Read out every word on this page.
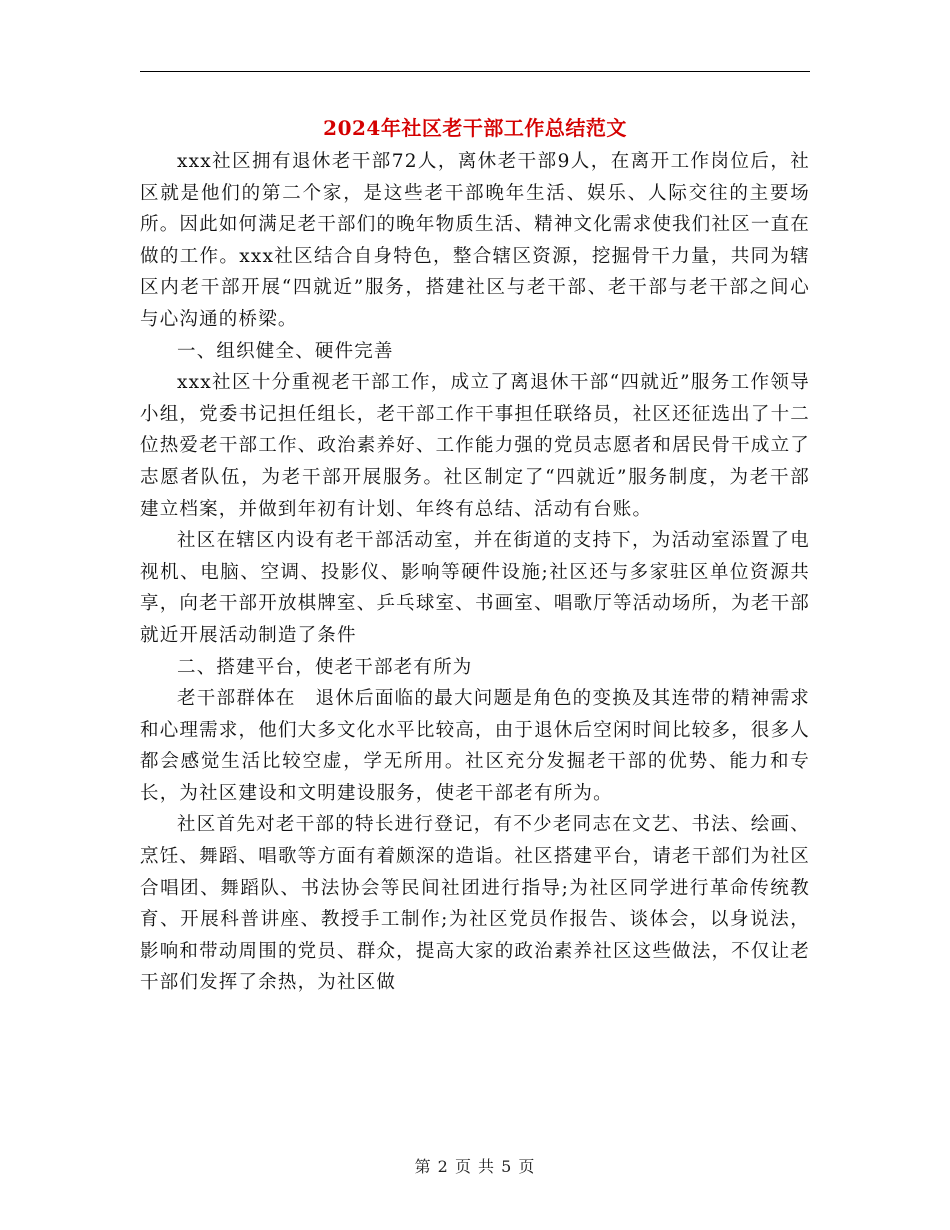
2024年社区老干部工作总结范文

xxx社区拥有退休老干部72人，离休老干部9人，在离开工作岗位后，社区就是他们的第二个家，是这些老干部晚年生活、娱乐、人际交往的主要场所。因此如何满足老干部们的晚年物质生活、精神文化需求使我们社区一直在做的工作。xxx社区结合自身特色，整合辖区资源，挖掘骨干力量，共同为辖区内老干部开展“四就近”服务，搭建社区与老干部、老干部与老干部之间心与心沟通的桥梁。

一、组织健全、硬件完善

xxx社区十分重视老干部工作，成立了离退休干部“四就近”服务工作领导小组，党委书记担任组长，老干部工作干事担任联络员，社区还征选出了十二位热爱老干部工作、政治素养好、工作能力强的党员志愿者和居民骨干成立了志愿者队伍，为老干部开展服务。社区制定了“四就近”服务制度，为老干部建立档案，并做到年初有计划、年终有总结、活动有台账。

社区在辖区内设有老干部活动室，并在街道的支持下，为活动室添置了电视机、电脑、空调、投影仪、影响等硬件设施;社区还与多家驻区单位资源共享，向老干部开放棋牌室、乒乓球室、书画室、唱歌厅等活动场所，为老干部就近开展活动制造了条件

二、搭建平台，使老干部老有所为

老干部群体在　退休后面临的最大问题是角色的变换及其连带的精神需求和心理需求，他们大多文化水平比较高，由于退休后空闲时间比较多，很多人都会感觉生活比较空虚，学无所用。社区充分发掘老干部的优势、能力和专长，为社区建设和文明建设服务，使老干部老有所为。

社区首先对老干部的特长进行登记，有不少老同志在文艺、书法、绘画、烹饪、舞蹈、唱歌等方面有着颇深的造诣。社区搭建平台，请老干部们为社区合唱团、舞蹈队、书法协会等民间社团进行指导;为社区同学进行革命传统教育、开展科普讲座、教授手工制作;为社区党员作报告、谈体会，以身说法，影响和带动周围的党员、群众，提高大家的政治素养社区这些做法，不仅让老干部们发挥了余热，为社区做

第 2 页 共 5 页
